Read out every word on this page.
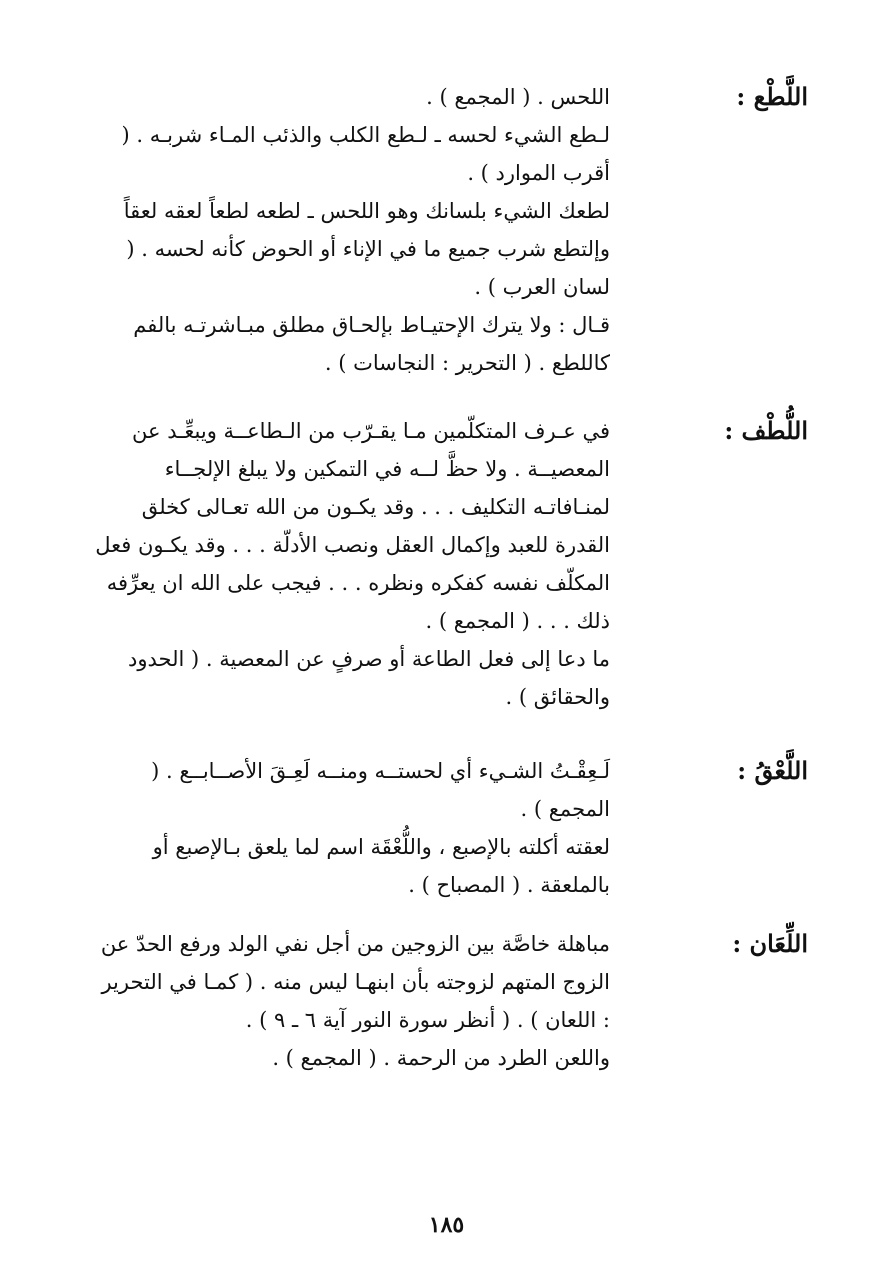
اللَّطْع :

اللحس . ( المجمع ) .

لـطع الشيء لحسه ـ لـطع الكلب والذئب المـاء شربـه . ( أقرب الموارد ) .

لطعك الشيء بلسانك وهو اللحس ـ لطعه لطعاً لعقه لعقاً وإلتطع شرب جميع ما في الإناء أو الحوض كأنه لحسه . ( لسان العرب ) .

قـال : ولا يترك الإحتيـاط بإلحـاق مطلق مبـاشرتـه بالفم كاللطع . ( التحرير : النجاسات ) .

اللُّطْف :

في عـرف المتكلّمين مـا يقـرّب من الـطاعــة ويبعِّـد عن المعصيــة . ولا حظَّ لــه في التمكين ولا يبلغ الإلجــاء لمنـافاتـه التكليف . . . وقد يكـون من الله تعـالى كخلق القدرة للعبد وإكمال العقل ونصب الأدلّة . . . وقد يكـون فعل المكلّف نفسه كفكره ونظره . . . فيجب على الله ان يعرِّفه ذلك . . . ( المجمع ) .

ما دعا إلى فعل الطاعة أو صرفٍ عن المعصية . ( الحدود والحقائق ) .

اللَّعْقُ :

لَـعِقْـتُ الشـيء أي لحستــه ومنــه لَعِـقَ الأصــابــع . ( المجمع ) .

لعقته أكلته بالإصبع ، واللُّعْقَة اسم لما يلعق بـالإصبع أو بالملعقة . ( المصباح ) .

اللِّعَان :

مباهلة خاصَّة بين الزوجين من أجل نفي الولد ورفع الحدّ عن الزوج المتهم لزوجته بأن ابنهـا ليس منه . ( كمـا في التحرير : اللعان ) . ( أنظر سورة النور آية ٦ ـ ٩ ) .

واللعن الطرد من الرحمة . ( المجمع ) .

١٨٥
